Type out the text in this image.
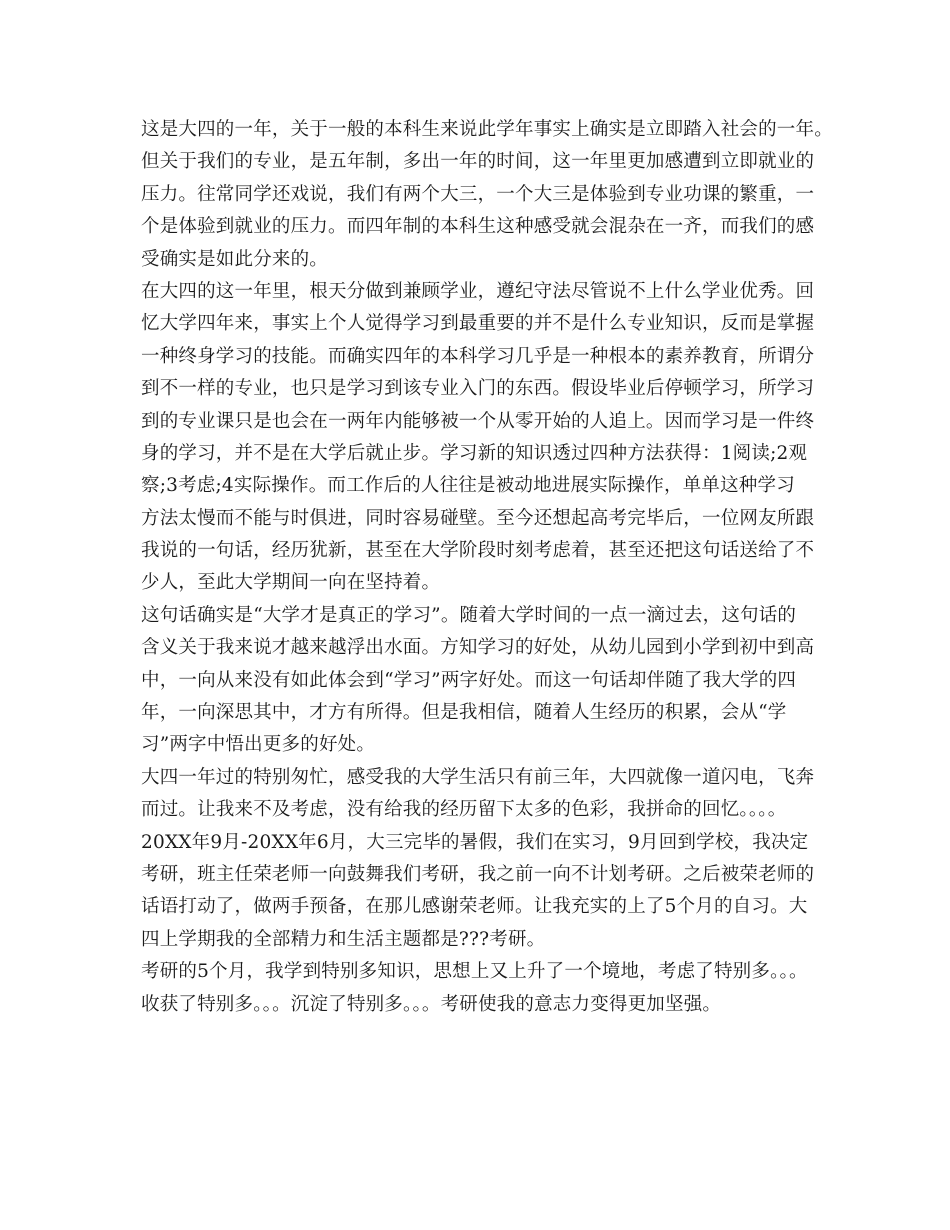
这是大四的一年，关于一般的本科生来说此学年事实上确实是立即踏入社会的一年。
但关于我们的专业，是五年制，多出一年的时间，这一年里更加感遭到立即就业的
压力。往常同学还戏说，我们有两个大三，一个大三是体验到专业功课的繁重，一
个是体验到就业的压力。而四年制的本科生这种感受就会混杂在一齐，而我们的感
受确实是如此分来的。
在大四的这一年里，根天分做到兼顾学业，遵纪守法尽管说不上什么学业优秀。回
忆大学四年来，事实上个人觉得学习到最重要的并不是什么专业知识，反而是掌握
一种终身学习的技能。而确实四年的本科学习几乎是一种根本的素养教育，所谓分
到不一样的专业，也只是学习到该专业入门的东西。假设毕业后停顿学习，所学习
到的专业课只是也会在一两年内能够被一个从零开始的人追上。因而学习是一件终
身的学习，并不是在大学后就止步。学习新的知识透过四种方法获得：1阅读;2观
察;3考虑;4实际操作。而工作后的人往往是被动地进展实际操作，单单这种学习
方法太慢而不能与时俱进，同时容易碰壁。至今还想起高考完毕后，一位网友所跟
我说的一句话，经历犹新，甚至在大学阶段时刻考虑着，甚至还把这句话送给了不
少人，至此大学期间一向在坚持着。
这句话确实是“大学才是真正的学习”。随着大学时间的一点一滴过去，这句话的
含义关于我来说才越来越浮出水面。方知学习的好处，从幼儿园到小学到初中到高
中，一向从来没有如此体会到“学习”两字好处。而这一句话却伴随了我大学的四
年，一向深思其中，才方有所得。但是我相信，随着人生经历的积累，会从“学
习”两字中悟出更多的好处。
大四一年过的特别匆忙，感受我的大学生活只有前三年，大四就像一道闪电，飞奔
而过。让我来不及考虑，没有给我的经历留下太多的色彩，我拼命的回忆。。。。
20XX年9月-20XX年6月，大三完毕的暑假，我们在实习，9月回到学校，我决定
考研，班主任荣老师一向鼓舞我们考研，我之前一向不计划考研。之后被荣老师的
话语打动了，做两手预备，在那儿感谢荣老师。让我充实的上了5个月的自习。大
四上学期我的全部精力和生活主题都是???考研。
考研的5个月，我学到特别多知识，思想上又上升了一个境地，考虑了特别多。。。
收获了特别多。。。沉淀了特别多。。。考研使我的意志力变得更加坚强。
